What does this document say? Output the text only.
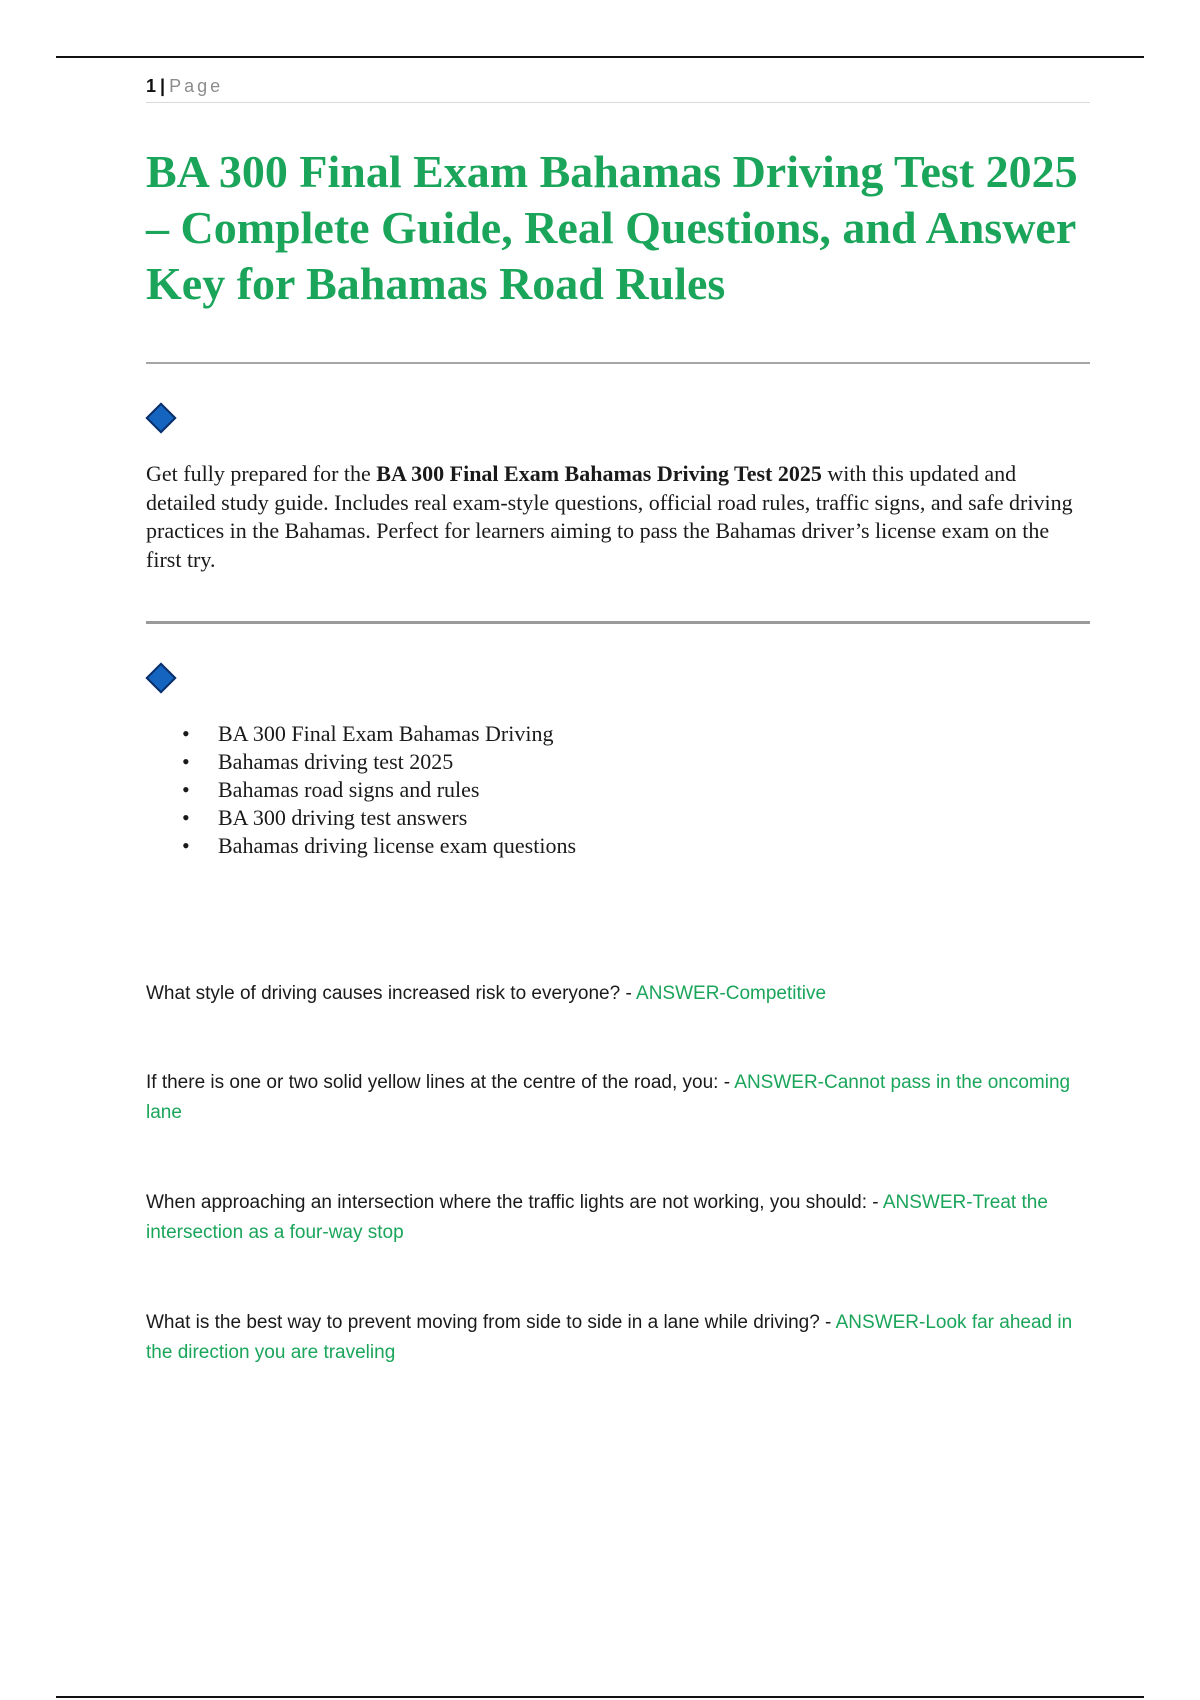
1 | Page
BA 300 Final Exam Bahamas Driving Test 2025 – Complete Guide, Real Questions, and Answer Key for Bahamas Road Rules

Get fully prepared for the BA 300 Final Exam Bahamas Driving Test 2025 with this updated and detailed study guide. Includes real exam-style questions, official road rules, traffic signs, and safe driving practices in the Bahamas. Perfect for learners aiming to pass the Bahamas driver’s license exam on the first try.

• BA 300 Final Exam Bahamas Driving
• Bahamas driving test 2025
• Bahamas road signs and rules
• BA 300 driving test answers
• Bahamas driving license exam questions

What style of driving causes increased risk to everyone? - ANSWER-Competitive

If there is one or two solid yellow lines at the centre of the road, you: - ANSWER-Cannot pass in the oncoming lane

When approaching an intersection where the traffic lights are not working, you should: - ANSWER-Treat the intersection as a four-way stop

What is the best way to prevent moving from side to side in a lane while driving? - ANSWER-Look far ahead in the direction you are traveling
